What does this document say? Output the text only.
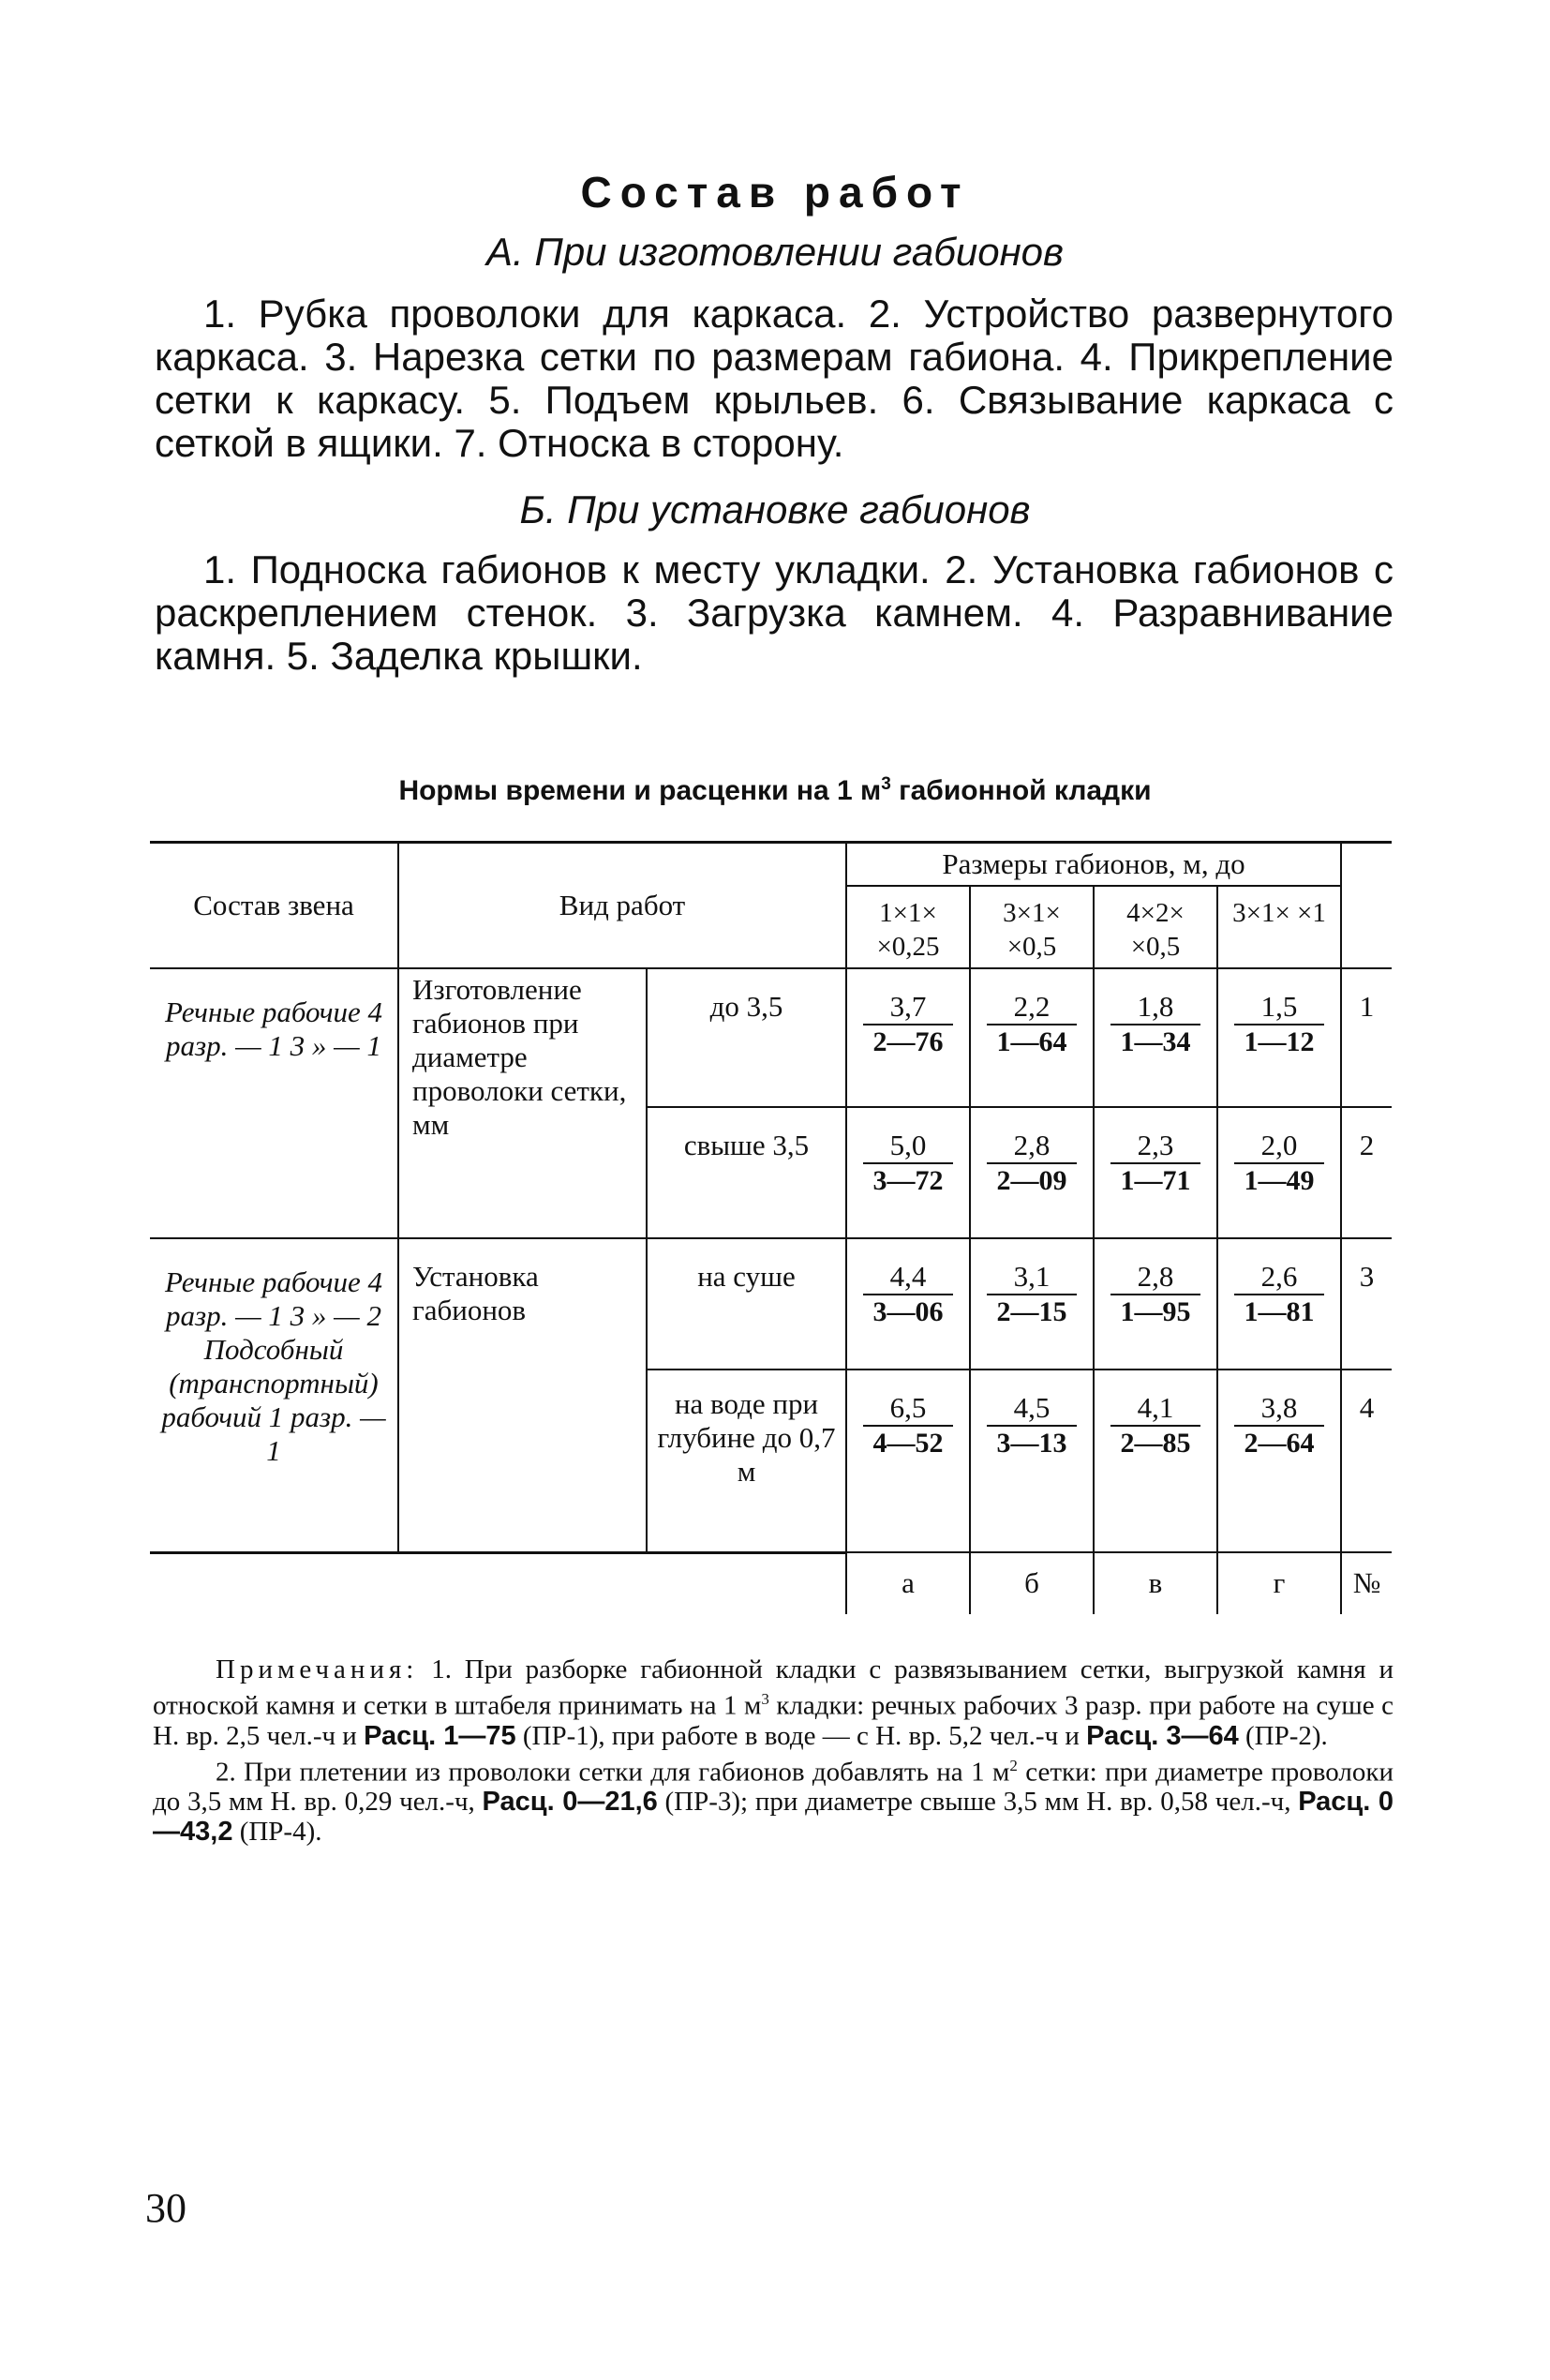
Состав работ
А. При изготовлении габионов
1. Рубка проволоки для каркаса. 2. Устройство развернутого каркаса. 3. Нарезка сетки по размерам габиона. 4. Прикрепление сетки к каркасу. 5. Подъем крыльев. 6. Связывание каркаса с сеткой в ящики. 7. Относка в сторону.
Б. При установке габионов
1. Подноска габионов к месту укладки. 2. Установка габионов с раскреплением стенок. 3. Загрузка камнем. 4. Разравнивание камня. 5. Заделка крышки.
Нормы времени и расценки на 1 $м^3$ габионной кладки
Состав звена	Вид работ		Размеры габионов, м, до				
			1×1× ×0,25	3×1× ×0,5	4×2× ×0,5	3×1× ×1	
Речные рабочие 4 разр. — 1 3 » — 1	Изготовление габионов при диаметре проволоки сетки, мм	до 3,5	$\frac{3,7}{2—76}$	$\frac{2,2}{1—64}$	$\frac{1,8}{1—34}$	$\frac{1,5}{1—12}$	1
		свыше 3,5	$\frac{5,0}{3—72}$	$\frac{2,8}{2—09}$	$\frac{2,3}{1—71}$	$\frac{2,0}{1—49}$	2
Речные рабочие 4 разр. — 1 3 » — 2 Подсобный (транспортный) рабочий 1 разр. — 1	Установка габионов	на суше	$\frac{4,4}{3—06}$	$\frac{3,1}{2—15}$	$\frac{2,8}{1—95}$	$\frac{2,6}{1—81}$	3
		на воде при глубине до 0,7 м	$\frac{6,5}{4—52}$	$\frac{4,5}{3—13}$	$\frac{4,1}{2—85}$	$\frac{3,8}{2—64}$	4
			а	б	в	г	№

Примечания: 1. При разборке габионной кладки с развязыванием сетки, выгрузкой камня и отноской камня и сетки в штабеля принимать на 1 $м^3$ кладки: речных рабочих 3 разр. при работе на суше с Н. вр. 2,5 чел.-ч и Расц. 1—75 (ПР-1), при работе в воде — с Н. вр. 5,2 чел.-ч и Расц. 3—64 (ПР-2).

2. При плетении из проволоки сетки для габионов добавлять на 1 $м^2$ сетки: при диаметре проволоки до 3,5 мм Н. вр. 0,29 чел.-ч, Расц. 0—21,6 (ПР-3); при диаметре свыше 3,5 мм Н. вр. 0,58 чел.-ч, Расц. 0—43,2 (ПР-4).

30
